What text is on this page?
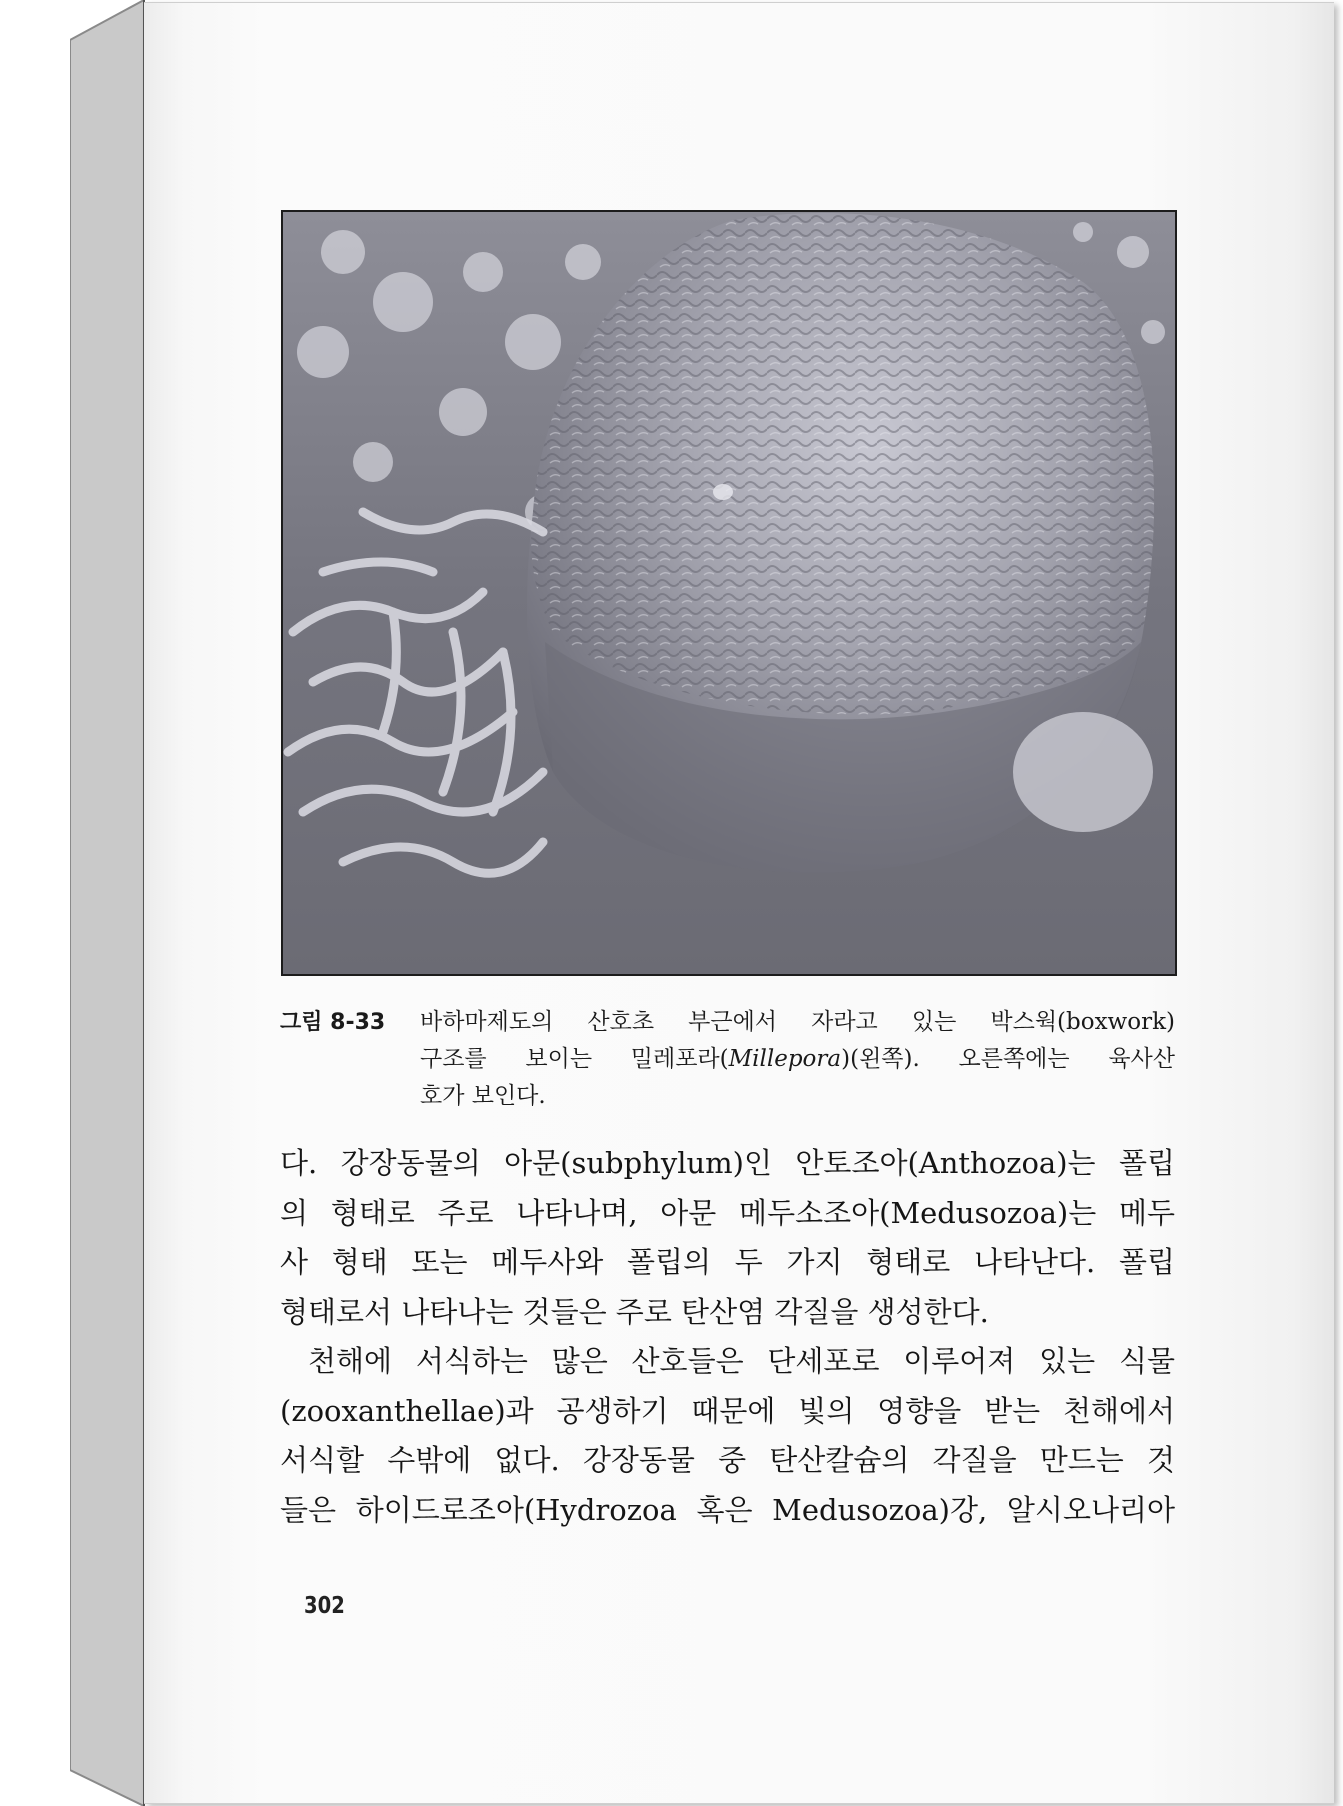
그림 8-33 바하마제도의 산호초 부근에서 자라고 있는 박스웍(boxwork)
구조를 보이는 밀레포라(Millepora)(왼쪽). 오른쪽에는 육사산
호가 보인다.
다. 강장동물의 아문(subphylum)인 안토조아(Anthozoa)는 폴립
의 형태로 주로 나타나며, 아문 메두소조아(Medusozoa)는 메두
사 형태 또는 메두사와 폴립의 두 가지 형태로 나타난다. 폴립
형태로서 나타나는 것들은 주로 탄산염 각질을 생성한다.
천해에 서식하는 많은 산호들은 단세포로 이루어져 있는 식물
(zooxanthellae)과 공생하기 때문에 빛의 영향을 받는 천해에서
서식할 수밖에 없다. 강장동물 중 탄산칼슘의 각질을 만드는 것
들은 하이드로조아(Hydrozoa 혹은 Medusozoa)강, 알시오나리아
302
